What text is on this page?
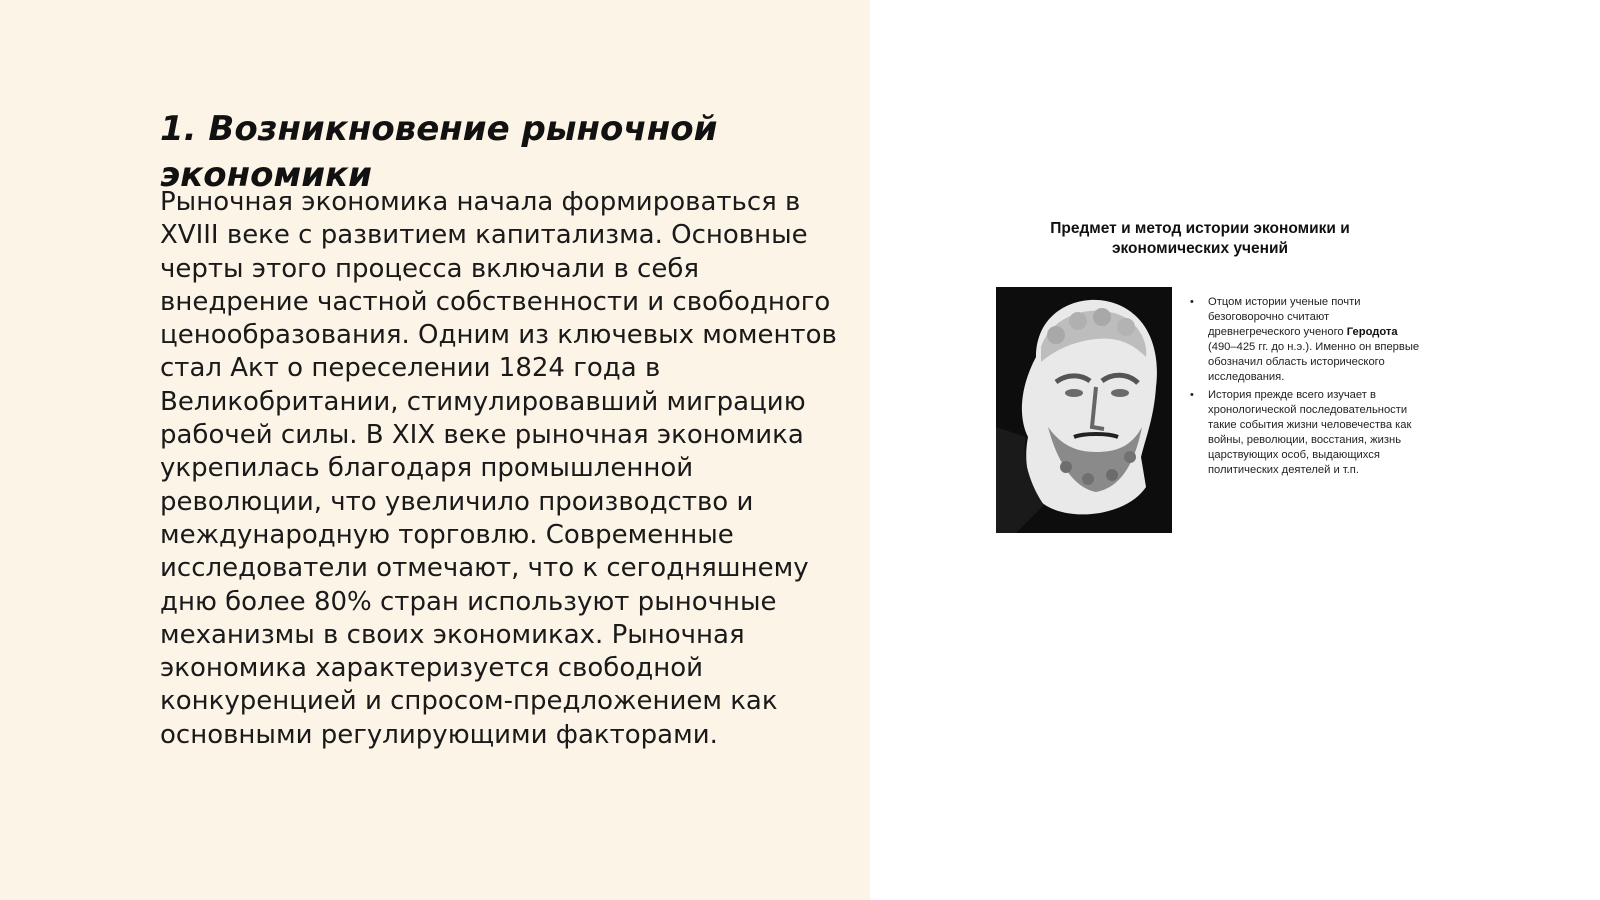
1. Возникновение рыночной экономики

Рыночная экономика начала формироваться в XVIII веке с развитием капитализма. Основные черты этого процесса включали в себя внедрение частной собственности и свободного ценообразования. Одним из ключевых моментов стал Акт о переселении 1824 года в Великобритании, стимулировавший миграцию рабочей силы. В XIX веке рыночная экономика укрепилась благодаря промышленной революции, что увеличило производство и международную торговлю. Современные исследователи отмечают, что к сегодняшнему дню более 80% стран используют рыночные механизмы в своих экономиках. Рыночная экономика характеризуется свободной конкуренцией и спросом-предложением как основными регулирующими факторами.

Предмет и метод истории экономики и экономических учений
• Отцом истории ученые почти безоговорочно считают древнегреческого ученого Геродота (490–425 гг. до н.э.). Именно он впервые обозначил область исторического исследования.
• История прежде всего изучает в хронологической последовательности такие события жизни человечества как войны, революции, восстания, жизнь царствующих особ, выдающихся политических деятелей и т.п.
